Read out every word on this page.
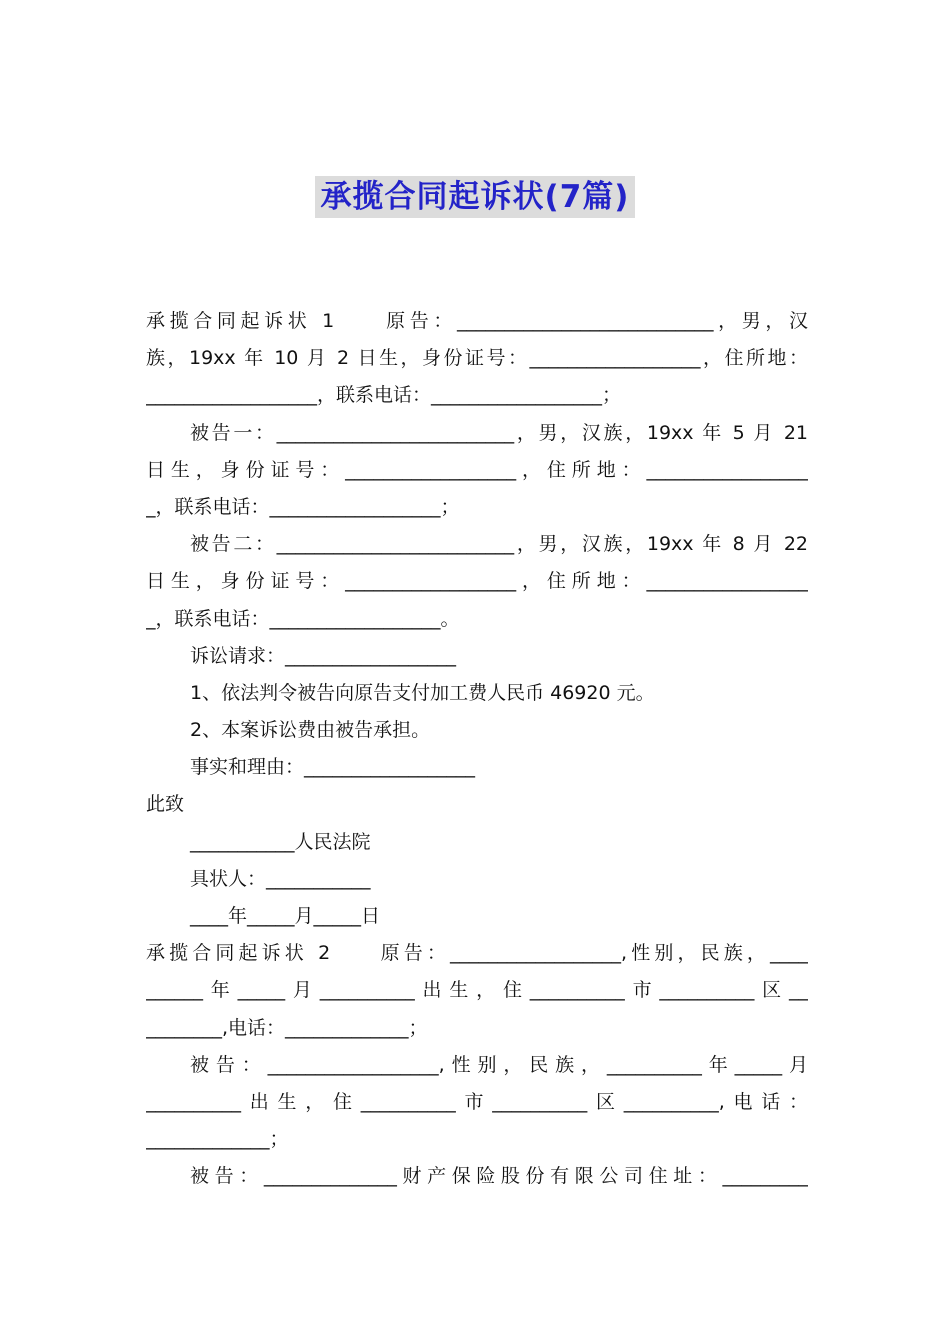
承揽合同起诉状(7篇)
承揽合同起诉状 1　　原告：___________________________，男，汉
族，19xx 年 10 月 2 日生，身份证号：__________________，住所地：
__________________，联系电话：__________________；
被告一：_________________________，男，汉族，19xx 年 5 月 21
日生，身份证号：__________________，住所地：_________________
_，联系电话：__________________；
被告二：_________________________，男，汉族，19xx 年 8 月 22
日生，身份证号：__________________，住所地：_________________
_，联系电话：__________________。
诉讼请求：__________________
1、依法判令被告向原告支付加工费人民币 46920 元。
2、本案诉讼费由被告承担。
事实和理由：__________________
此致
___________人民法院
具状人：___________
____年_____月_____日
承揽合同起诉状 2　　原告：__________________,性别，民族，____
______年_____月__________出生，住__________市__________区__
________,电话：_____________；
被告：__________________,性别，民族，__________年_____月
__________出生，住__________市__________区__________,电话：
_____________；
被告：______________财产保险股份有限公司住址：_________
